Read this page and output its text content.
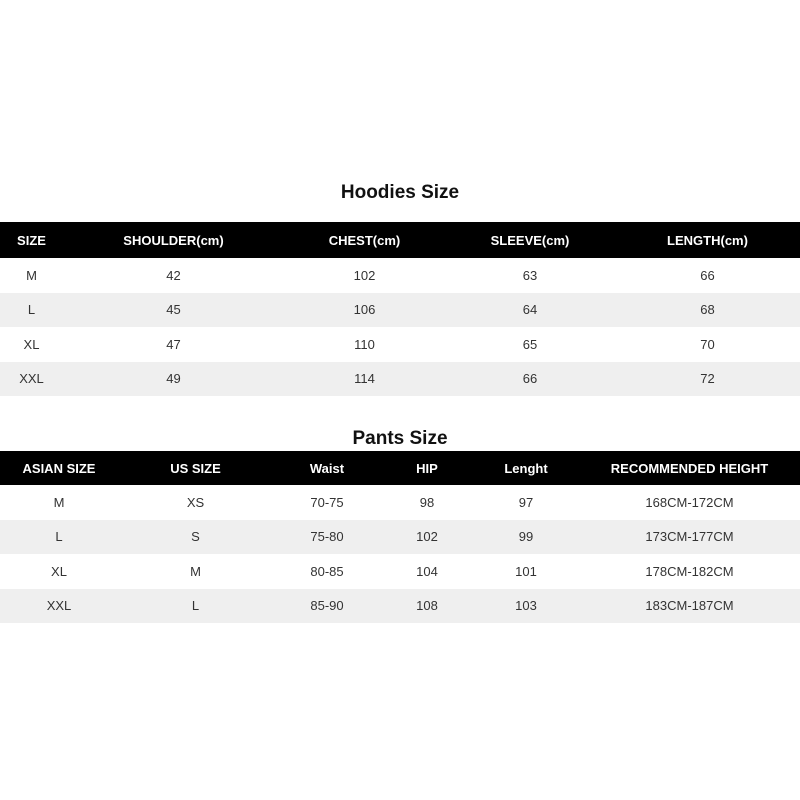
Hoodies Size
SIZE	SHOULDER(cm)	CHEST(cm)	SLEEVE(cm)	LENGTH(cm)
M	42	102	63	66
L	45	106	64	68
XL	47	110	65	70
XXL	49	114	66	72
Pants Size
ASIAN SIZE	US SIZE	Waist	HIP	Lenght	RECOMMENDED HEIGHT
M	XS	70-75	98	97	168CM-172CM
L	S	75-80	102	99	173CM-177CM
XL	M	80-85	104	101	178CM-182CM
XXL	L	85-90	108	103	183CM-187CM
